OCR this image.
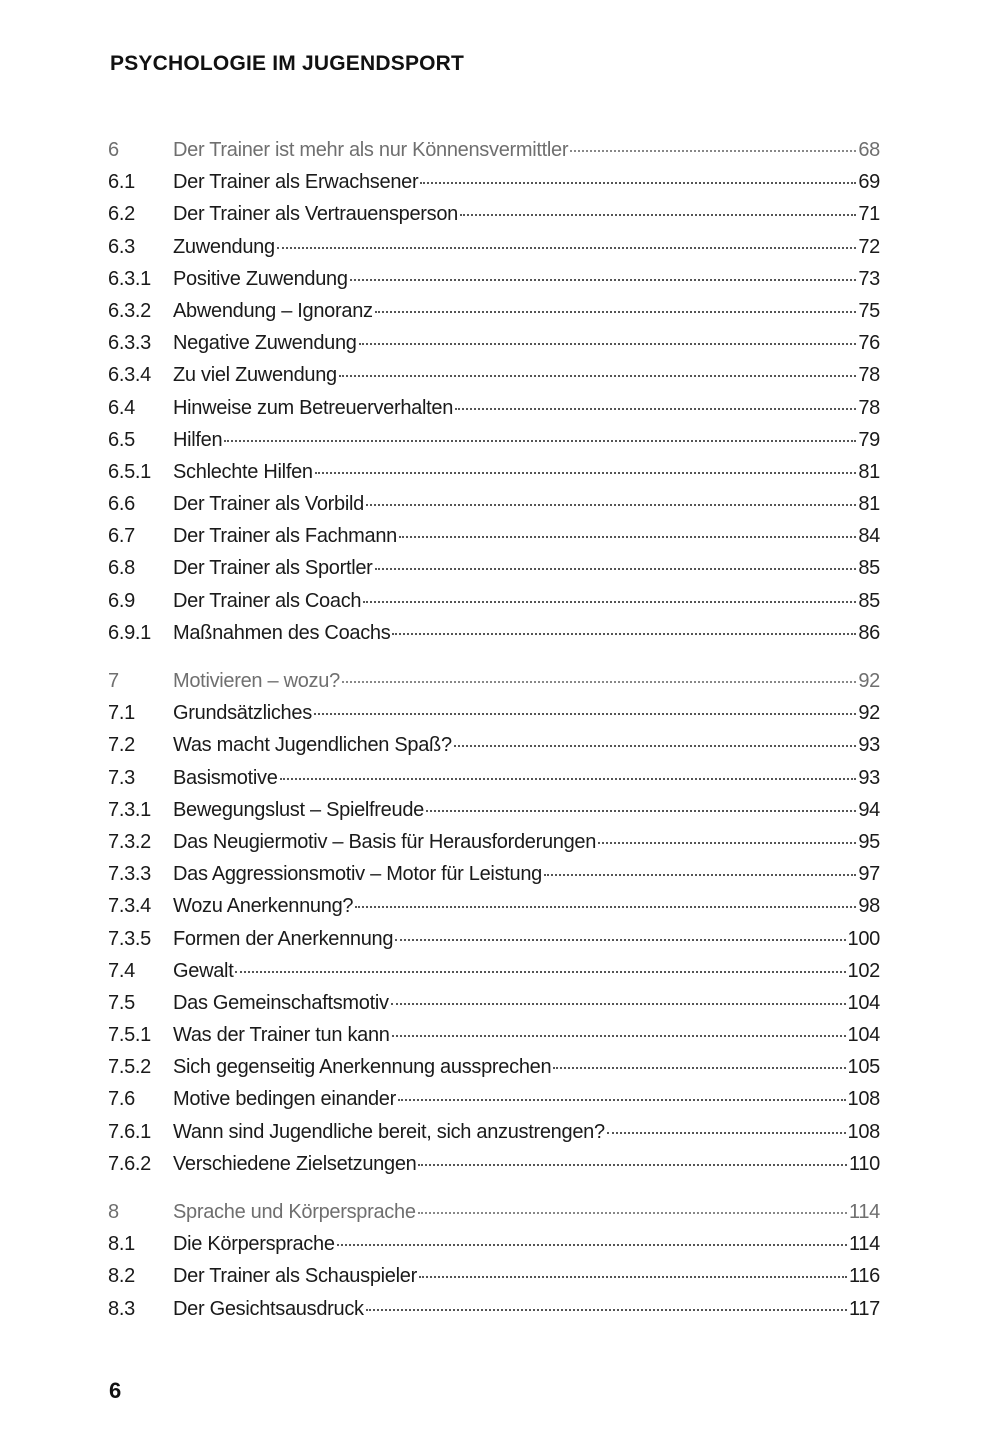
PSYCHOLOGIE IM JUGENDSPORT
6	Der Trainer ist mehr als nur Könnensvermittler	68
6.1	Der Trainer als Erwachsener	69
6.2	Der Trainer als Vertrauensperson	71
6.3	Zuwendung	72
6.3.1	Positive Zuwendung	73
6.3.2	Abwendung – Ignoranz	75
6.3.3	Negative Zuwendung	76
6.3.4	Zu viel Zuwendung	78
6.4	Hinweise zum Betreuerverhalten	78
6.5	Hilfen	79
6.5.1	Schlechte Hilfen	81
6.6	Der Trainer als Vorbild	81
6.7	Der Trainer als Fachmann	84
6.8	Der Trainer als Sportler	85
6.9	Der Trainer als Coach	85
6.9.1	Maßnahmen des Coachs	86
7	Motivieren – wozu?	92
7.1	Grundsätzliches	92
7.2	Was macht Jugendlichen Spaß?	93
7.3	Basismotive	93
7.3.1	Bewegungslust – Spielfreude	94
7.3.2	Das Neugiermotiv – Basis für Herausforderungen	95
7.3.3	Das Aggressionsmotiv – Motor für Leistung	97
7.3.4	Wozu Anerkennung?	98
7.3.5	Formen der Anerkennung	100
7.4	Gewalt	102
7.5	Das Gemeinschaftsmotiv	104
7.5.1	Was der Trainer tun kann	104
7.5.2	Sich gegenseitig Anerkennung aussprechen	105
7.6	Motive bedingen einander	108
7.6.1	Wann sind Jugendliche bereit, sich anzustrengen?	108
7.6.2	Verschiedene Zielsetzungen	110
8	Sprache und Körpersprache	114
8.1	Die Körpersprache	114
8.2	Der Trainer als Schauspieler	116
8.3	Der Gesichtsausdruck	117
6
